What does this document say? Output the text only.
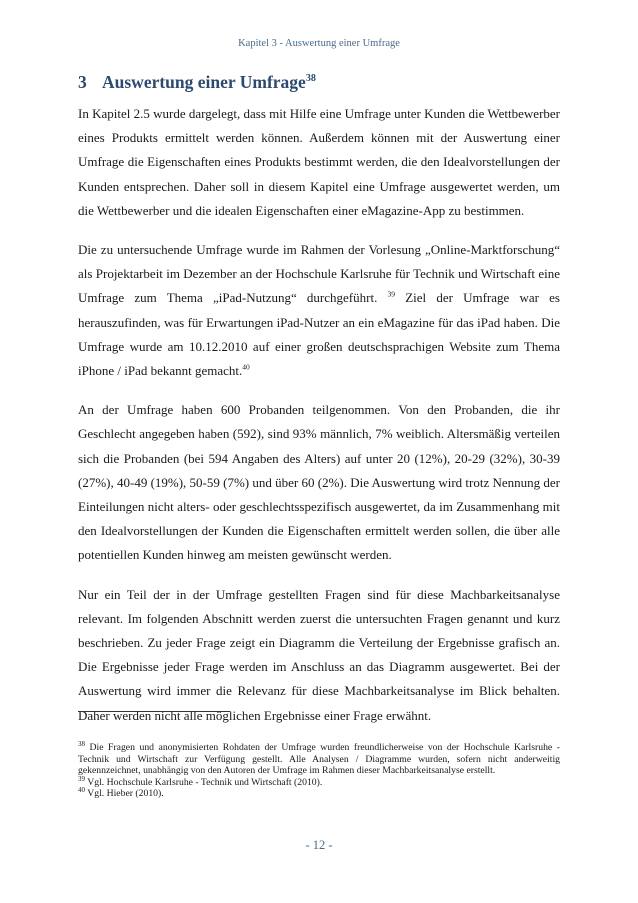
Kapitel 3 - Auswertung einer Umfrage
3 Auswertung einer Umfrage$^{38}$

In Kapitel 2.5 wurde dargelegt, dass mit Hilfe eine Umfrage unter Kunden die Wettbewerber eines Produkts ermittelt werden können. Außerdem können mit der Auswertung einer Umfrage die Eigenschaften eines Produkts bestimmt werden, die den Idealvorstellungen der Kunden entsprechen. Daher soll in diesem Kapitel eine Umfrage ausgewertet werden, um die Wettbewerber und die idealen Eigenschaften einer eMagazine-App zu bestimmen.

Die zu untersuchende Umfrage wurde im Rahmen der Vorlesung „Online-Marktforschung“ als Projektarbeit im Dezember an der Hochschule Karlsruhe für Technik und Wirtschaft eine Umfrage zum Thema „iPad-Nutzung“ durchgeführt. $^{39}$ Ziel der Umfrage war es herauszufinden, was für Erwartungen iPad-Nutzer an ein eMagazine für das iPad haben. Die Umfrage wurde am 10.12.2010 auf einer großen deutschsprachigen Website zum Thema iPhone / iPad bekannt gemacht.$^{40}$

An der Umfrage haben 600 Probanden teilgenommen. Von den Probanden, die ihr Geschlecht angegeben haben (592), sind 93% männlich, 7% weiblich. Altersmäßig verteilen sich die Probanden (bei 594 Angaben des Alters) auf unter 20 (12%), 20-29 (32%), 30-39 (27%), 40-49 (19%), 50-59 (7%) und über 60 (2%). Die Auswertung wird trotz Nennung der Einteilungen nicht alters- oder geschlechtsspezifisch ausgewertet, da im Zusammenhang mit den Idealvorstellungen der Kunden die Eigenschaften ermittelt werden sollen, die über alle potentiellen Kunden hinweg am meisten gewünscht werden.

Nur ein Teil der in der Umfrage gestellten Fragen sind für diese Machbarkeitsanalyse relevant. Im folgenden Abschnitt werden zuerst die untersuchten Fragen genannt und kurz beschrieben. Zu jeder Frage zeigt ein Diagramm die Verteilung der Ergebnisse grafisch an. Die Ergebnisse jeder Frage werden im Anschluss an das Diagramm ausgewertet. Bei der Auswertung wird immer die Relevanz für diese Machbarkeitsanalyse im Blick behalten. Daher werden nicht alle möglichen Ergebnisse einer Frage erwähnt.

$^{38}$ Die Fragen und anonymisierten Rohdaten der Umfrage wurden freundlicherweise von der Hochschule Karlsruhe - Technik und Wirtschaft zur Verfügung gestellt. Alle Analysen / Diagramme wurden, sofern nicht anderweitig gekennzeichnet, unabhängig von den Autoren der Umfrage im Rahmen dieser Machbarkeitsanalyse erstellt.

$^{39}$ Vgl. Hochschule Karlsruhe - Technik und Wirtschaft (2010).

$^{40}$ Vgl. Hieber (2010).

- 12 -
